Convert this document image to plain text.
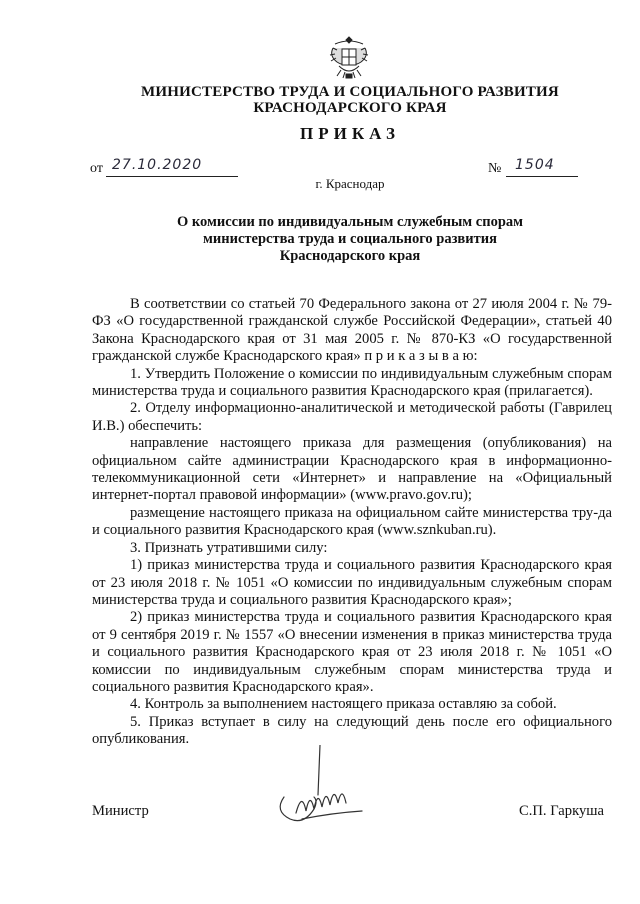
МИНИСТЕРСТВО ТРУДА И СОЦИАЛЬНОГО РАЗВИТИЯ
КРАСНОДАРСКОГО КРАЯ
ПРИКАЗ
от 27.10.2020	№ 1504
г. Краснодар
О комиссии по индивидуальным служебным спорам
министерства труда и социального развития
Краснодарского края

В соответствии со статьей 70 Федерального закона от 27 июля 2004 г. № 79-ФЗ «О государственной гражданской службе Российской Федерации», статьей 40 Закона Краснодарского края от 31 мая 2005 г. № 870-КЗ «О государственной гражданской службе Краснодарского края» п р и к а з ы в а ю:

1. Утвердить Положение о комиссии по индивидуальным служебным спорам министерства труда и социального развития Краснодарского края (прилагается).

2. Отделу информационно-аналитической и методической работы (Гаврилец И.В.) обеспечить:

направление настоящего приказа для размещения (опубликования) на официальном сайте администрации Краснодарского края в информационно-телекоммуникационной сети «Интернет» и направление на «Официальный интернет-портал правовой информации» (www.pravo.gov.ru);

размещение настоящего приказа на официальном сайте министерства тру-да и социального развития Краснодарского края (www.sznkuban.ru).

3. Признать утратившими силу:

1) приказ министерства труда и социального развития Краснодарского края от 23 июля 2018 г. № 1051 «О комиссии по индивидуальным служебным спорам министерства труда и социального развития Краснодарского края»;

2) приказ министерства труда и социального развития Краснодарского края от 9 сентября 2019 г. № 1557 «О внесении изменения в приказ министерства труда и социального развития Краснодарского края от 23 июля 2018 г. № 1051 «О комиссии по индивидуальным служебным спорам министерства труда и социального развития Краснодарского края».

4. Контроль за выполнением настоящего приказа оставляю за собой.

5. Приказ вступает в силу на следующий день после его официального опубликования.

Министр	С.П. Гаркуша
